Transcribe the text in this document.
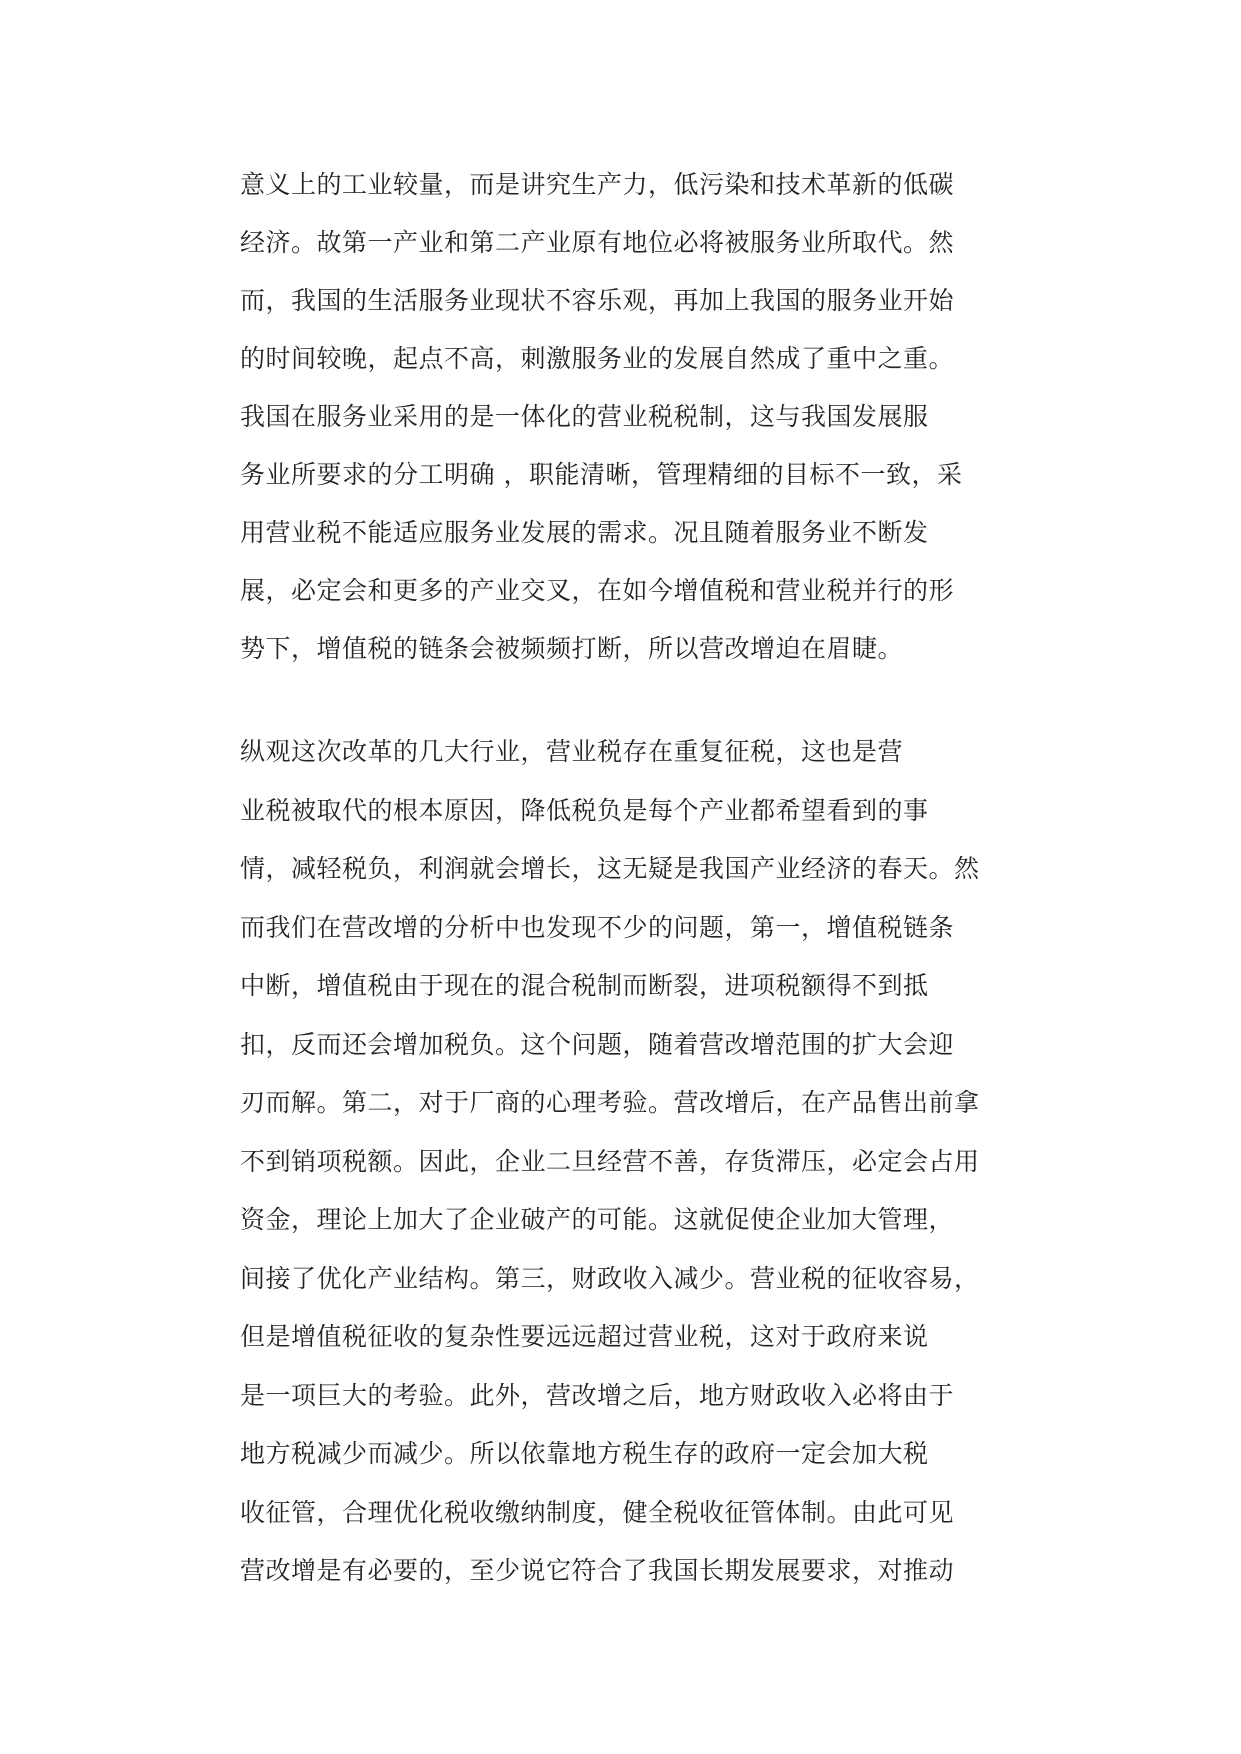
意义上的工业较量，而是讲究生产力，低污染和技术革新的低碳
经济。故第一产业和第二产业原有地位必将被服务业所取代。然
而，我国的生活服务业现状不容乐观，再加上我国的服务业开始
的时间较晚，起点不高，刺激服务业的发展自然成了重中之重。
我国在服务业采用的是一体化的营业税税制，这与我国发展服
务业所要求的分工明确 ，职能清晰，管理精细的目标不一致，采
用营业税不能适应服务业发展的需求。况且随着服务业不断发
展，必定会和更多的产业交叉，在如今增值税和营业税并行的形
势下，增值税的链条会被频频打断，所以营改增迫在眉睫。
纵观这次改革的几大行业，营业税存在重复征税，这也是营
业税被取代的根本原因，降低税负是每个产业都希望看到的事
情，减轻税负，利润就会增长，这无疑是我国产业经济的春天。然
而我们在营改增的分析中也发现不少的问题，第一，增值税链条
中断，增值税由于现在的混合税制而断裂，进项税额得不到抵
扣，反而还会增加税负。这个问题，随着营改增范围的扩大会迎
刃而解。第二，对于厂商的心理考验。营改增后，在产品售出前拿
不到销项税额。因此，企业二旦经营不善，存货滞压，必定会占用
资金，理论上加大了企业破产的可能。这就促使企业加大管理，
间接了优化产业结构。第三，财政收入减少。营业税的征收容易，
但是增值税征收的复杂性要远远超过营业税，这对于政府来说
是一项巨大的考验。此外，营改增之后，地方财政收入必将由于
地方税减少而减少。所以依靠地方税生存的政府一定会加大税
收征管，合理优化税收缴纳制度，健全税收征管体制。由此可见
营改增是有必要的，至少说它符合了我国长期发展要求，对推动
